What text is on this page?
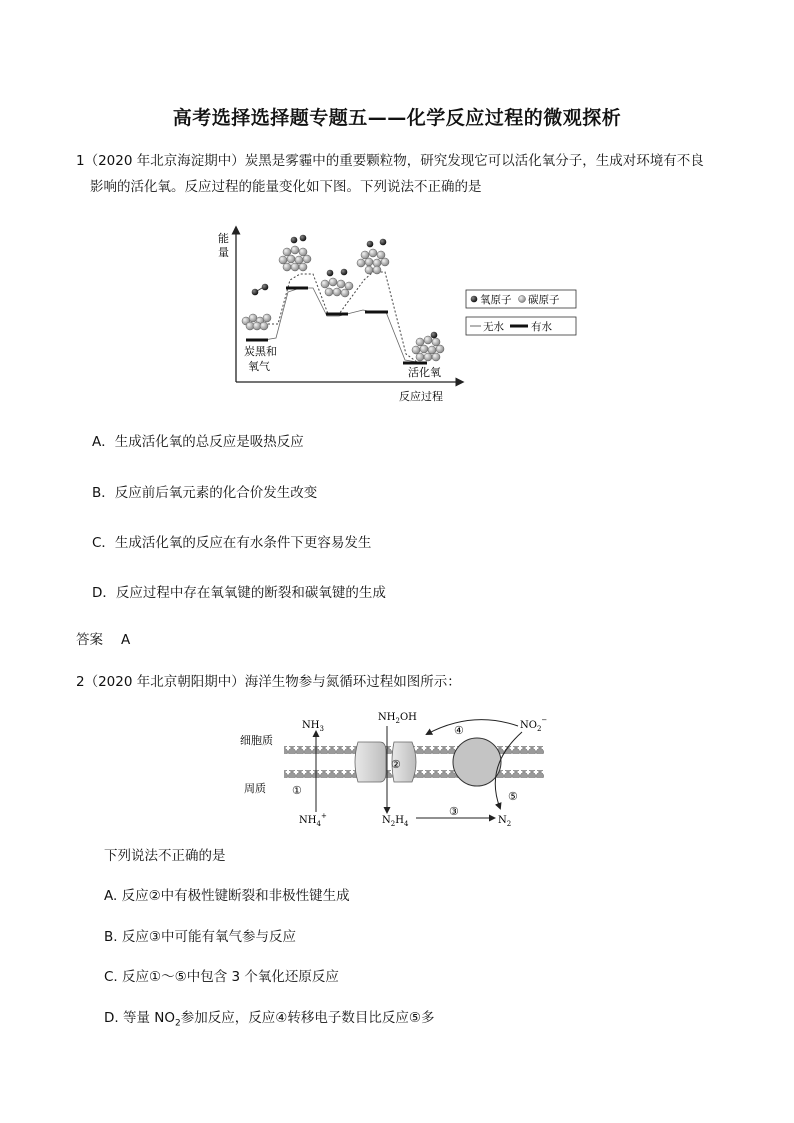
高考选择选择题专题五——化学反应过程的微观探析
1（2020 年北京海淀期中）炭黑是雾霾中的重要颗粒物，研究发现它可以活化氧分子，生成对环境有不良
影响的活化氧。反应过程的能量变化如下图。下列说法不正确的是
能
量
反应过程
炭黑和
氧气	活化氧
氧原子 碳原子
无水	有水
A．生成活化氧的总反应是吸热反应
B．反应前后氧元素的化合价发生改变
C．生成活化氧的反应在有水条件下更容易发生
D．反应过程中存在氧氧键的断裂和碳氧键的生成
答案 A
2（2020 年北京朝阳期中）海洋生物参与氮循环过程如图所示：
细胞质
周质
$NH_3$
$NH_4^+$
①
$NH_2OH$
②
$N_2H_4$
③
$N_2$
$NO_2^-$
④
⑤
下列说法不正确的是
A. 反应②中有极性键断裂和非极性键生成
B. 反应③中可能有氧气参与反应
C. 反应①～⑤中包含 3 个氧化还原反应
D. 等量 $NO_2$参加反应，反应④转移电子数目比反应⑤多
